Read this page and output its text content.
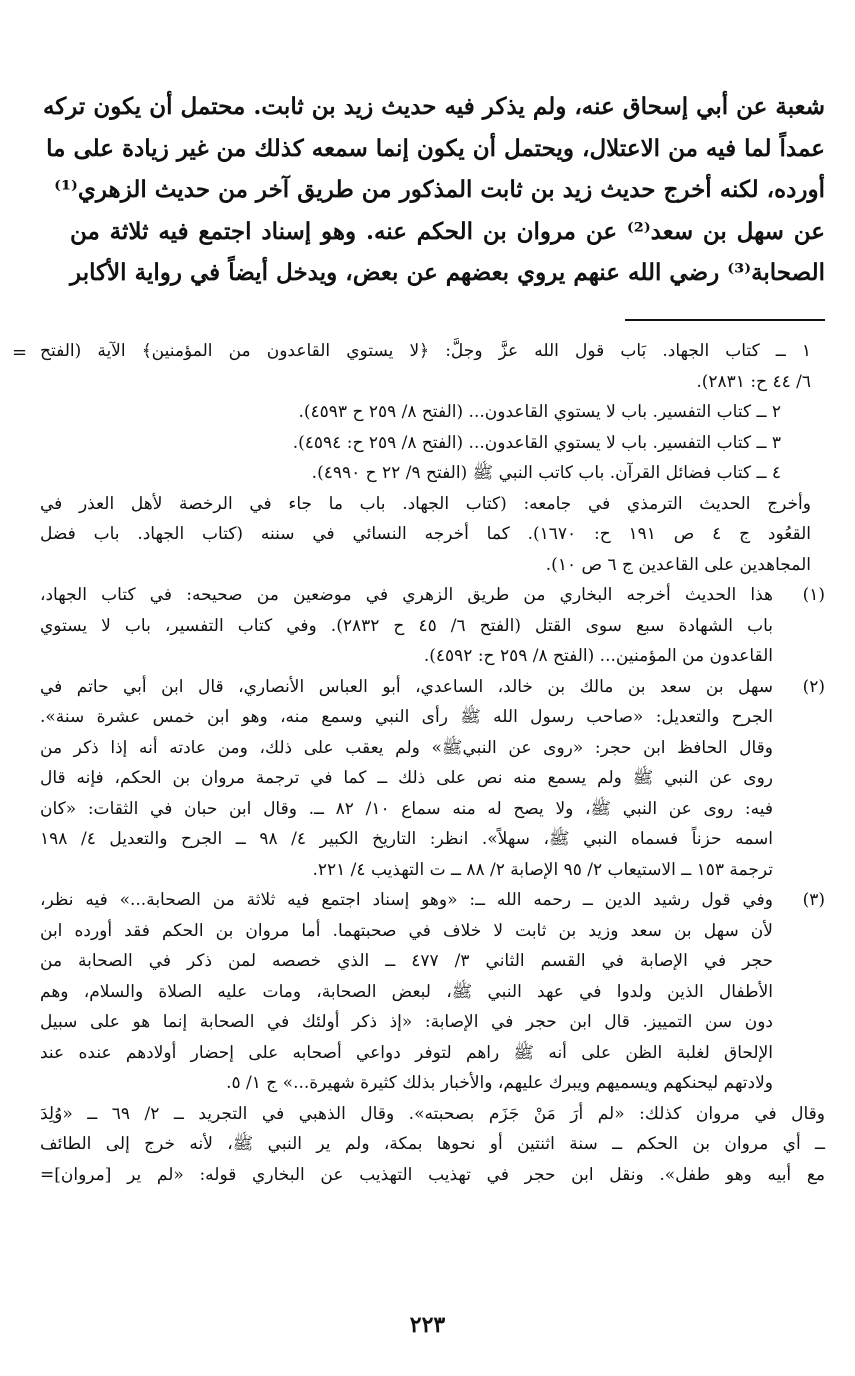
شعبة عن أبي إسحاق عنه، ولم يذكر فيه حديث زيد بن ثابت. محتمل أن يكون تركه
عمداً لما فيه من الاعتلال، ويحتمل أن يكون إنما سمعه كذلك من غير زيادة على ما
أورده، لكنه أخرج حديث زيد بن ثابت المذكور من طريق آخر من حديث الزهري⁽¹⁾
عن سهل بن سعد⁽²⁾ عن مروان بن الحكم عنه. وهو إسناد اجتمع فيه ثلاثة من
الصحابة⁽³⁾ رضي الله عنهم يروي بعضهم عن بعض، ويدخل أيضاً في رواية الأكابر
= ١ ــ كتاب الجهاد. بَاب قول الله عزَّ وجلَّ: ﴿لا يستوي القاعدون من المؤمنين﴾ الآية (الفتح
٦/ ٤٤ ح: ٢٨٣١).
٢ ــ كتاب التفسير. باب لا يستوي القاعدون... (الفتح ٨/ ٢٥٩ ح ٤٥٩٣).
٣ ــ كتاب التفسير. باب لا يستوي القاعدون... (الفتح ٨/ ٢٥٩ ح: ٤٥٩٤).
٤ ــ كتاب فضائل القرآن. باب كاتب النبي ﷺ (الفتح ٩/ ٢٢ ح ٤٩٩٠).
وأخرج الحديث الترمذي في جامعه: (كتاب الجهاد. باب ما جاء في الرخصة لأهل العذر في
القعُود ج ٤ ص ١٩١ ح: ١٦٧٠). كما أخرجه النسائي في سننه (كتاب الجهاد. باب فضل
المجاهدين على القاعدين ج ٦ ص ١٠).
(١)
هذا الحديث أخرجه البخاري من طريق الزهري في موضعين من صحيحه: في كتاب الجهاد،
باب الشهادة سبع سوى القتل (الفتح ٦/ ٤٥ ح ٢٨٣٢). وفي كتاب التفسير، باب لا يستوي
القاعدون من المؤمنين... (الفتح ٨/ ٢٥٩ ح: ٤٥٩٢).
(٢)
سهل بن سعد بن مالك بن خالد، الساعدي، أبو العباس الأنصاري، قال ابن أبي حاتم في
الجرح والتعديل: «صاحب رسول الله ﷺ رأى النبي وسمع منه، وهو ابن خمس عشرة سنة».
وقال الحافظ ابن حجر: «روى عن النبيﷺ» ولم يعقب على ذلك، ومن عادته أنه إذا ذكر من
روى عن النبي ﷺ ولم يسمع منه نص على ذلك ــ كما في ترجمة مروان بن الحكم، فإنه قال
فيه: روى عن النبي ﷺ، ولا يصح له منه سماع ١٠/ ٨٢ ــ. وقال ابن حبان في الثقات: «كان
اسمه حزناً فسماه النبي ﷺ، سهلاً». انظر: التاريخ الكبير ٤/ ٩٨ ــ الجرح والتعديل ٤/ ١٩٨
ترجمة ١٥٣ ــ الاستيعاب ٢/ ٩٥ الإصابة ٢/ ٨٨ ــ ت التهذيب ٤/ ٢٢١.
(٣)
وفي قول رشيد الدين ــ رحمه الله ــ: «وهو إسناد اجتمع فيه ثلاثة من الصحابة...» فيه نظر،
لأن سهل بن سعد وزيد بن ثابت لا خلاف في صحبتهما. أما مروان بن الحكم فقد أورده ابن
حجر في الإصابة في القسم الثاني ٣/ ٤٧٧ ــ الذي خصصه لمن ذكر في الصحابة من
الأطفال الذين ولدوا في عهد النبي ﷺ، لبعض الصحابة، ومات عليه الصلاة والسلام، وهم
دون سن التمييز. قال ابن حجر في الإصابة: «إذ ذكر أولئك في الصحابة إنما هو على سبيل
الإلحاق لغلبة الظن على أنه ﷺ راهم لتوفر دواعي أصحابه على إحضار أولادهم عنده عند
ولادتهم ليحنكهم ويسميهم ويبرك عليهم، والأخبار بذلك كثيرة شهيرة...» ج ١/ ٥.
وقال في مروان كذلك: «لم أرَ مَنْ جَزَم بصحبته». وقال الذهبي في التجريد ــ ٢/ ٦٩ ــ «وُلِدَ
ــ أي مروان بن الحكم ــ سنة اثنتين أو نحوها بمكة، ولم ير النبي ﷺ، لأنه خرج إلى الطائف
مع أبيه وهو طفل». ونقل ابن حجر في تهذيب التهذيب عن البخاري قوله: «لم ير [مروان]=
٢٢٣
